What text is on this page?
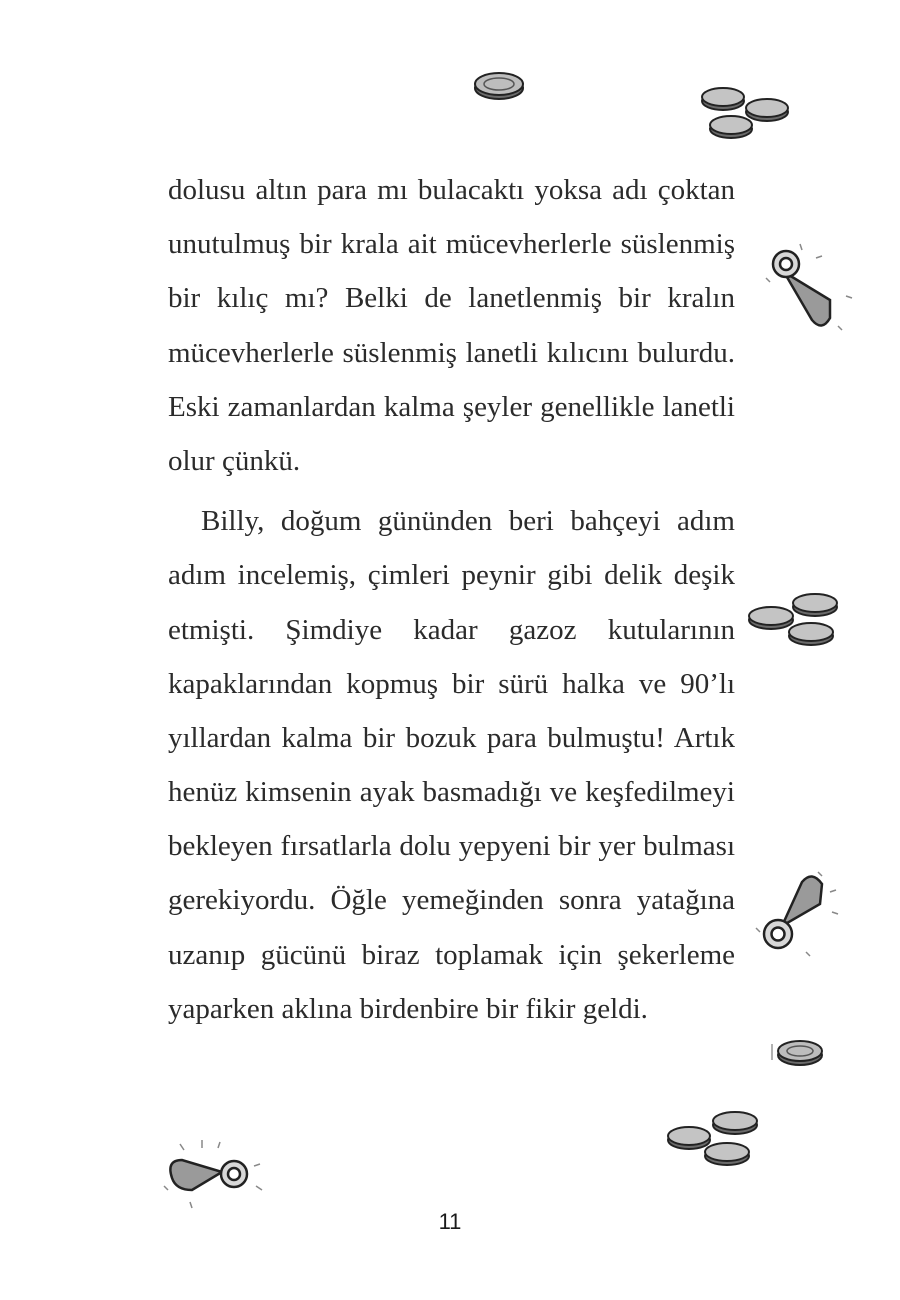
dolusu altın para mı bulacaktı yoksa adı çoktan
unutulmuş bir krala ait mücevherlerle süslenmiş
bir kılıç mı? Belki de lanetlenmiş bir kralın
mücevherlerle süslenmiş lanetli kılıcını bulurdu.
Eski zamanlardan kalma şeyler genellikle lanetli
olur çünkü.
Billy, doğum gününden beri bahçeyi adım
adım incelemiş, çimleri peynir gibi delik deşik
etmişti. Şimdiye kadar gazoz kutularının
kapaklarından kopmuş bir sürü halka ve 90’lı
yıllardan kalma bir bozuk para bulmuştu! Artık
henüz kimsenin ayak basmadığı ve keşfedilmeyi
bekleyen fırsatlarla dolu yepyeni bir yer bulması
gerekiyordu. Öğle yemeğinden sonra yatağına
uzanıp gücünü biraz toplamak için şekerleme
yaparken aklına birdenbire bir fikir geldi.
11
